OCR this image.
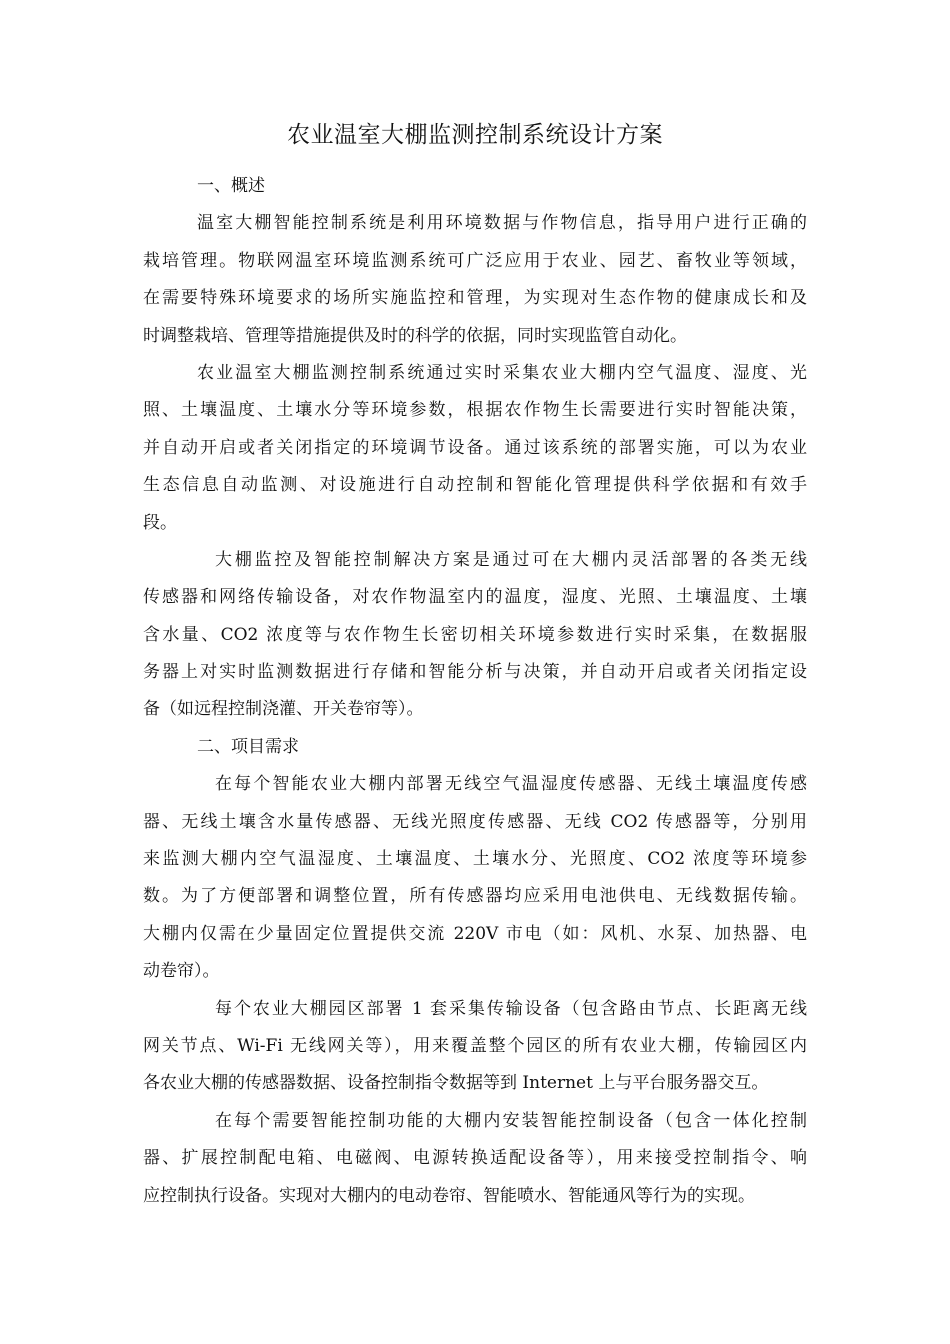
农业温室大棚监测控制系统设计方案
一、概述
温室大棚智能控制系统是利用环境数据与作物信息，指导用户进行正确的
栽培管理。物联网温室环境监测系统可广泛应用于农业、园艺、畜牧业等领域，
在需要特殊环境要求的场所实施监控和管理，为实现对生态作物的健康成长和及
时调整栽培、管理等措施提供及时的科学的依据，同时实现监管自动化。
农业温室大棚监测控制系统通过实时采集农业大棚内空气温度、湿度、光
照、土壤温度、土壤水分等环境参数，根据农作物生长需要进行实时智能决策，
并自动开启或者关闭指定的环境调节设备。通过该系统的部署实施，可以为农业
生态信息自动监测、对设施进行自动控制和智能化管理提供科学依据和有效手
段。
大棚监控及智能控制解决方案是通过可在大棚内灵活部署的各类无线
传感器和网络传输设备，对农作物温室内的温度，湿度、光照、土壤温度、土壤
含水量、CO2 浓度等与农作物生长密切相关环境参数进行实时采集，在数据服
务器上对实时监测数据进行存储和智能分析与决策，并自动开启或者关闭指定设
备（如远程控制浇灌、开关卷帘等）。
二、项目需求
在每个智能农业大棚内部署无线空气温湿度传感器、无线土壤温度传感
器、无线土壤含水量传感器、无线光照度传感器、无线 CO2 传感器等，分别用
来监测大棚内空气温湿度、土壤温度、土壤水分、光照度、CO2 浓度等环境参
数。为了方便部署和调整位置，所有传感器均应采用电池供电、无线数据传输。
大棚内仅需在少量固定位置提供交流 220V 市电（如：风机、水泵、加热器、电
动卷帘）。
每个农业大棚园区部署 1 套采集传输设备（包含路由节点、长距离无线
网关节点、Wi-Fi 无线网关等），用来覆盖整个园区的所有农业大棚，传输园区内
各农业大棚的传感器数据、设备控制指令数据等到 Internet 上与平台服务器交互。
在每个需要智能控制功能的大棚内安装智能控制设备（包含一体化控制
器、扩展控制配电箱、电磁阀、电源转换适配设备等），用来接受控制指令、响
应控制执行设备。实现对大棚内的电动卷帘、智能喷水、智能通风等行为的实现。
